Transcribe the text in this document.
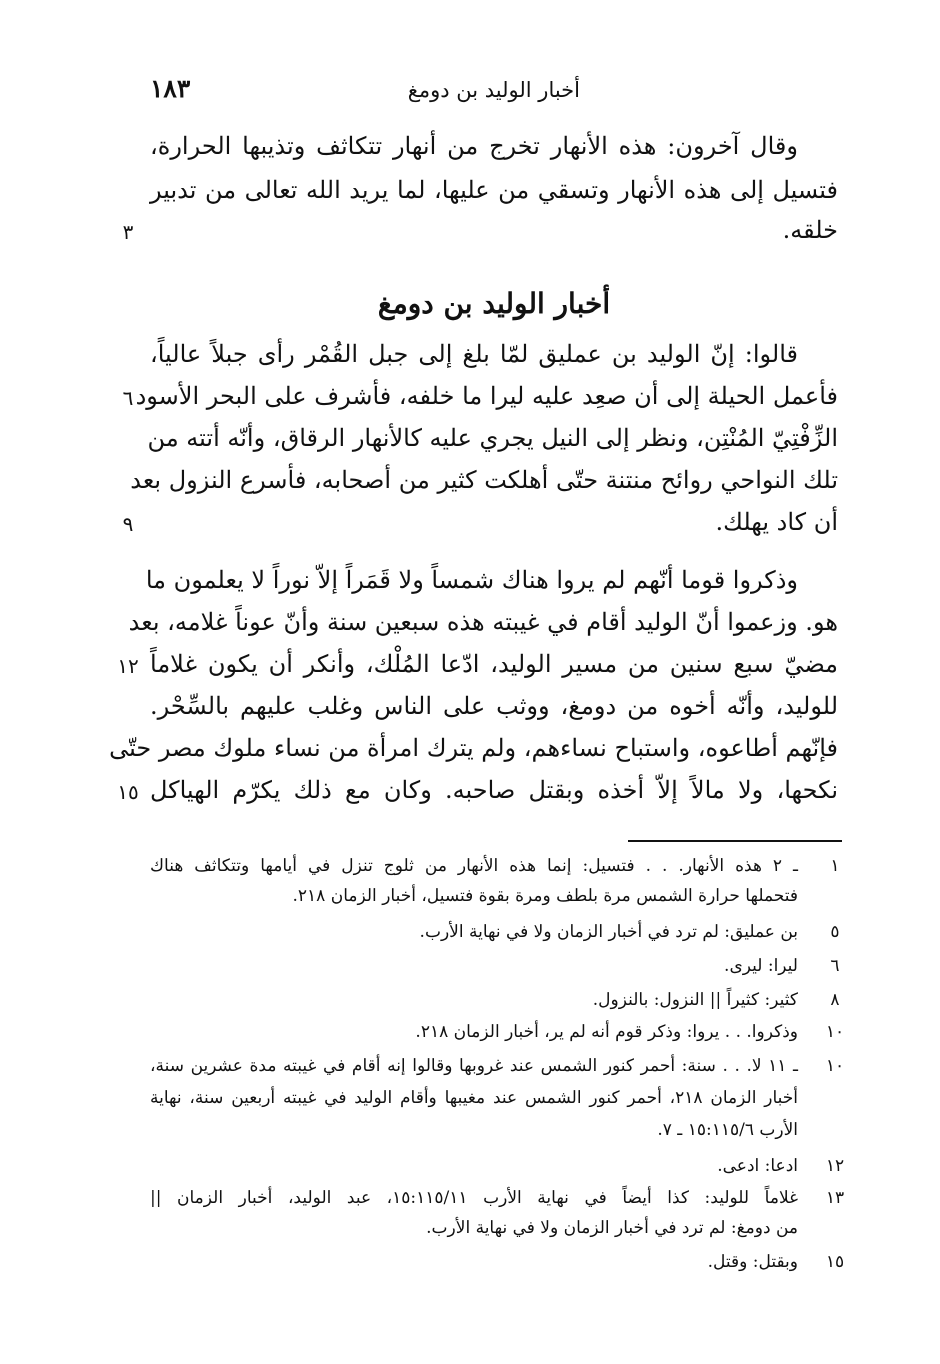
١٨٣	أخبار الوليد بن دومغ
وقال آخرون: هذه الأنهار تخرج من أنهار تتكاثف وتذيبها الحرارة،
فتسيل إلى هذه الأنهار وتسقي من عليها، لما يريد الله تعالى من تدبير
خلقه.
أخبار الوليد بن دومغ
قالوا: إنّ الوليد بن عمليق لمّا بلغ إلى جبل القُمْر رأى جبلاً عالياً،
فأعمل الحيلة إلى أن صعِد عليه ليرا ما خلفه، فأشرف على البحر الأسود
الزِّفْتِيّ المُنْتِن، ونظر إلى النيل يجري عليه كالأنهار الرقاق، وأنّه أتته من
تلك النواحي روائح منتنة حتّى أهلكت كثير من أصحابه، فأسرع النزول بعد
أن كاد يهلك.
وذكروا قوما أنّهم لم يروا هناك شمساً ولا قَمَراً إلاّ نوراً لا يعلمون ما
هو. وزعموا أنّ الوليد أقام في غيبته هذه سبعين سنة وأنّ عوناً غلامه، بعد
مضيّ سبع سنين من مسير الوليد، ادّعا المُلْك، وأنكر أن يكون غلاماً
للوليد، وأنّه أخوه من دومغ، ووثب على الناس وغلب عليهم بالسِّحْر.
فإنّهم أطاعوه، واستباح نساءهم، ولم يترك امرأة من نساء ملوك مصر حتّى
نكحها، ولا مالاً إلاّ أخذه وبقتل صاحبه. وكان مع ذلك يكرّم الهياكل
٣
٦
٩
١٢
١٥
١
ـ ٢ هذه الأنهار. . . فتسيل: إنما هذه الأنهار من ثلوج تنزل في أيامها وتتكاثف هناك
فتحملها حرارة الشمس مرة بلطف ومرة بقوة فتسيل، أخبار الزمان ٢١٨.
٥
بن عمليق: لم ترد في أخبار الزمان ولا في نهاية الأرب.
٦
ليرا: ليرى.
٨
كثير: كثيراً || النزول: بالنزول.
١٠
وذكروا. . . يروا: وذكر قوم أنه لم ير، أخبار الزمان ٢١٨.
١٠
ـ ١١ لا. . . سنة: أحمر كنور الشمس عند غروبها وقالوا إنه أقام في غيبته مدة عشرين سنة،
أخبار الزمان ٢١٨، أحمر كنور الشمس عند مغيبها وأقام الوليد في غيبته أربعين سنة، نهاية
الأرب ١٥:١١٥/٦ ـ ٧.
١٢
ادعا: ادعى.
١٣
غلاماً للوليد: كذا أيضاً في نهاية الأرب ١٥:١١٥/١١، عبد الوليد، أخبار الزمان ||
من دومغ: لم ترد في أخبار الزمان ولا في نهاية الأرب.
١٥
وبقتل: وقتل.
